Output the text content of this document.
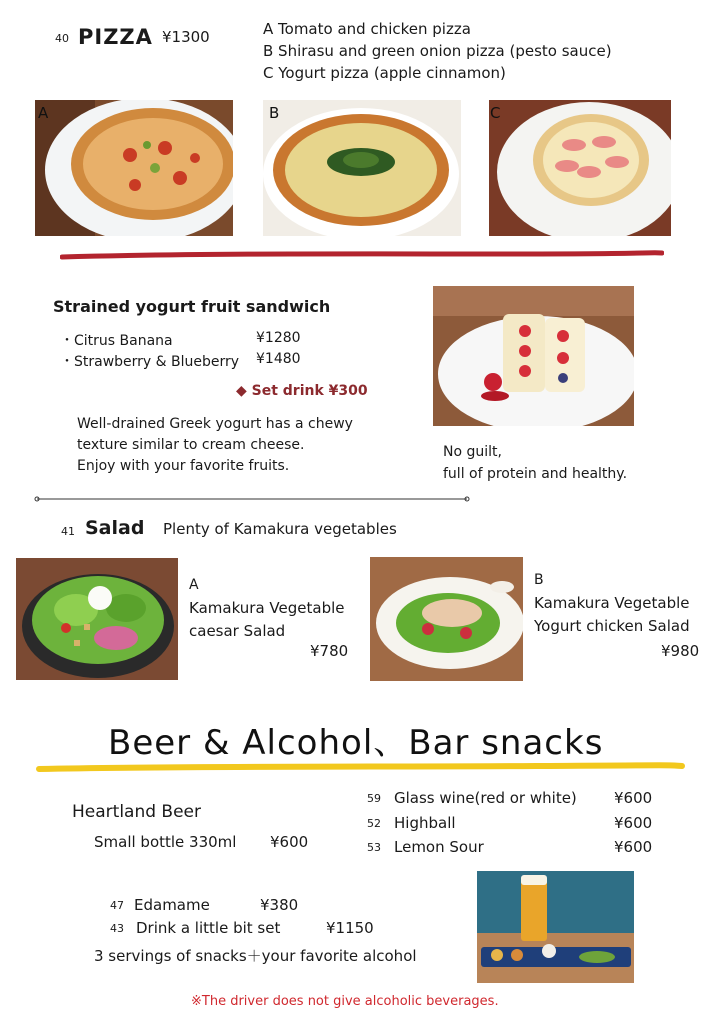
40 PIZZA ¥1300	A Tomato and chicken pizza
B Shirasu and green onion pizza (pesto sauce)
C Yogurt pizza (apple cinnamon)
A	B	C
Strained yogurt fruit sandwich
・Citrus Banana	¥1280
・Strawberry & Blueberry ¥1480
◆ Set drink ¥300
Well-drained Greek yogurt has a chewy
texture similar to cream cheese.
Enjoy with your favorite fruits.
No guilt,
full of protein and healthy.
41 Salad Plenty of Kamakura vegetables
A
Kamakura Vegetable
caesar Salad
¥780
B
Kamakura Vegetable
Yogurt chicken Salad
¥980
Beer & Alcohol、Bar snacks
Heartland Beer
Small bottle 330ml ¥600
59 Glass wine(red or white) ¥600
52 Highball	¥600
53 Lemon Sour	¥600
47 Edamame	¥380
43 Drink a little bit set	¥1150
3 servings of snacks＋your favorite alcohol
※The driver does not give alcoholic beverages.
